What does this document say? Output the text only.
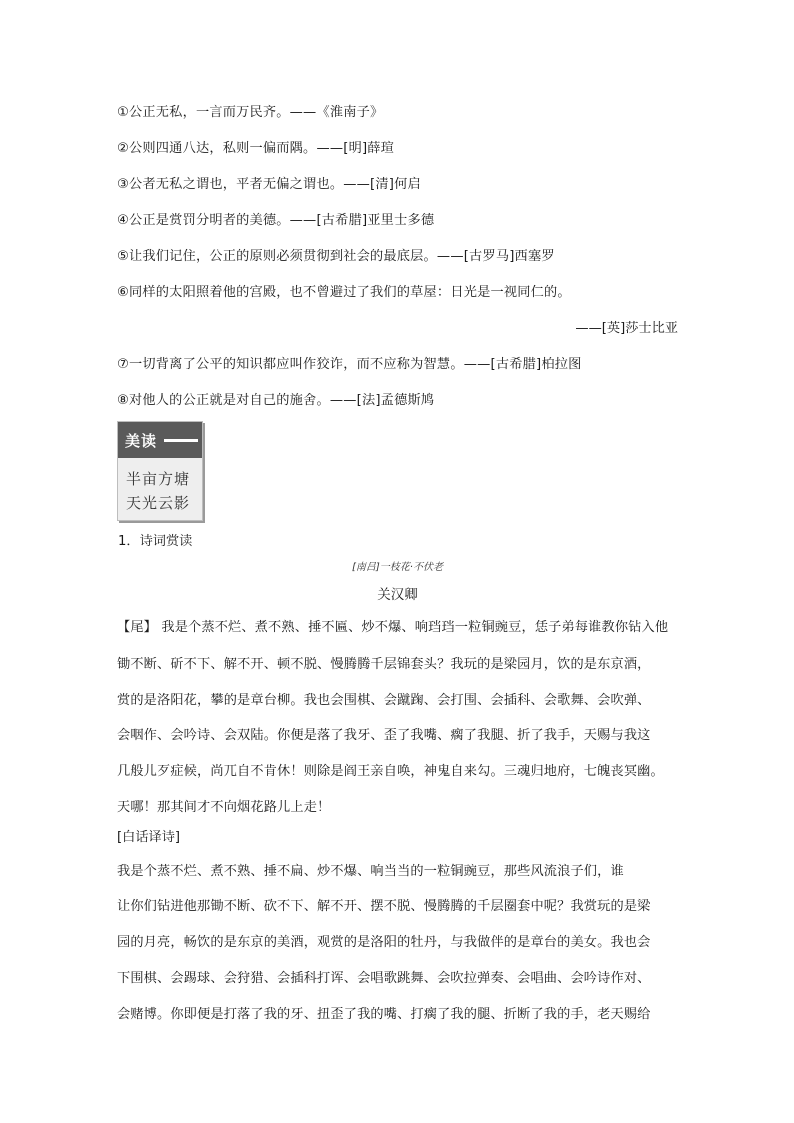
①公正无私，一言而万民齐。——《淮南子》
②公则四通八达，私则一偏而隅。——[明]薛瑄
③公者无私之谓也，平者无偏之谓也。——[清]何启
④公正是赏罚分明者的美德。——[古希腊]亚里士多德
⑤让我们记住，公正的原则必须贯彻到社会的最底层。——[古罗马]西塞罗
⑥同样的太阳照着他的宫殿，也不曾避过了我们的草屋：日光是一视同仁的。
——[英]莎士比亚
⑦一切背离了公平的知识都应叫作狡诈，而不应称为智慧。——[古希腊]柏拉图
⑧对他人的公正就是对自己的施舍。——[法]孟德斯鸠
美读
半亩方塘
天光云影
1．诗词赏读
[南吕]一枝花·不伏老
关汉卿
【尾】 我是个蒸不烂、煮不熟、捶不匾、炒不爆、响珰珰一粒铜豌豆，恁子弟每谁教你钻入他
锄不断、斫不下、解不开、顿不脱、慢腾腾千层锦套头？我玩的是梁园月，饮的是东京酒，
赏的是洛阳花，攀的是章台柳。我也会围棋、会蹴踘、会打围、会插科、会歌舞、会吹弹、
会咽作、会吟诗、会双陆。你便是落了我牙、歪了我嘴、瘸了我腿、折了我手，天赐与我这
几般儿歹症候，尚兀自不肯休！则除是阎王亲自唤，神鬼自来勾。三魂归地府，七魄丧冥幽。
天哪！那其间才不向烟花路儿上走！
[白话译诗]
我是个蒸不烂、煮不熟、捶不扁、炒不爆、响当当的一粒铜豌豆，那些风流浪子们，谁
让你们钻进他那锄不断、砍不下、解不开、摆不脱、慢腾腾的千层圈套中呢？我赏玩的是梁
园的月亮，畅饮的是东京的美酒，观赏的是洛阳的牡丹，与我做伴的是章台的美女。我也会
下围棋、会踢球、会狩猎、会插科打诨、会唱歌跳舞、会吹拉弹奏、会唱曲、会吟诗作对、
会赌博。你即便是打落了我的牙、扭歪了我的嘴、打瘸了我的腿、折断了我的手，老天赐给
